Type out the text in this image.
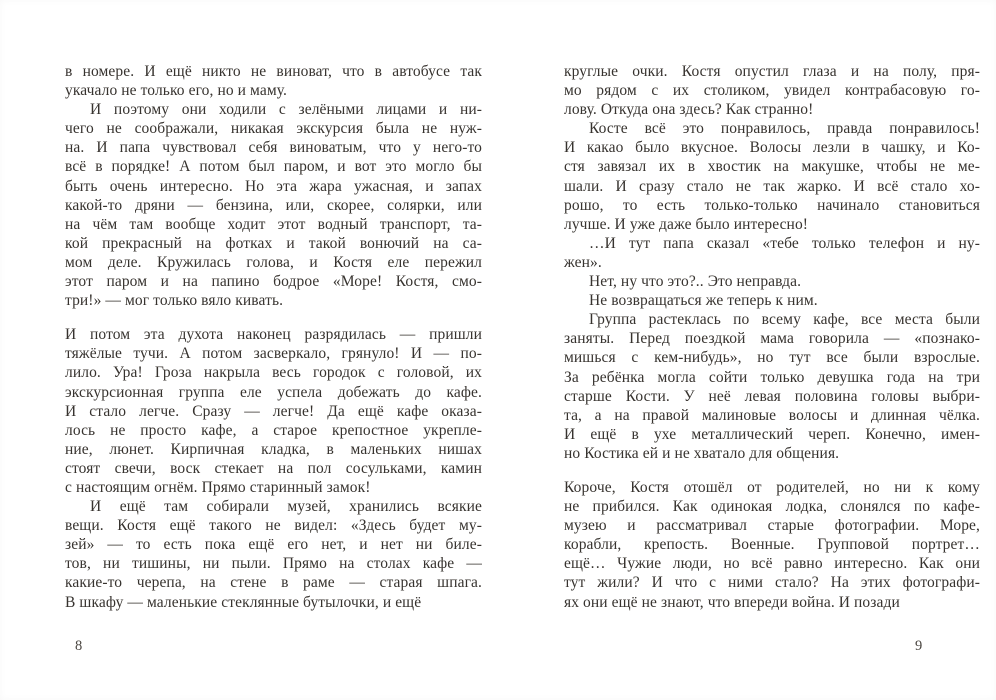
в номере. И ещё никто не виноват, что в автобусе так
укачало не только его, но и маму.
И поэтому они ходили с зелёными лицами и ни-
чего не соображали, никакая экскурсия была не нуж-
на. И папа чувствовал себя виноватым, что у него-то
всё в порядке! А потом был паром, и вот это могло бы
быть очень интересно. Но эта жара ужасная, и запах
какой-то дряни — бензина, или, скорее, солярки, или
на чём там вообще ходит этот водный транспорт, та-
кой прекрасный на фотках и такой вонючий на са-
мом деле. Кружилась голова, и Костя еле пережил
этот паром и на папино бодрое «Море! Костя, смо-
три!» — мог только вяло кивать.
И потом эта духота наконец разрядилась — пришли
тяжёлые тучи. А потом засверкало, грянуло! И — по-
лило. Ура! Гроза накрыла весь городок с головой, их
экскурсионная группа еле успела добежать до кафе.
И стало легче. Сразу — легче! Да ещё кафе оказа-
лось не просто кафе, а старое крепостное укрепле-
ние, люнет. Кирпичная кладка, в маленьких нишах
стоят свечи, воск стекает на пол сосульками, камин
с настоящим огнём. Прямо старинный замок!
И ещё там собирали музей, хранились всякие
вещи. Костя ещё такого не видел: «Здесь будет му-
зей» — то есть пока ещё его нет, и нет ни биле-
тов, ни тишины, ни пыли. Прямо на столах кафе —
какие-то черепа, на стене в раме — старая шпага.
В шкафу — маленькие стеклянные бутылочки, и ещё
круглые очки. Костя опустил глаза и на полу, пря-
мо рядом с их столиком, увидел контрабасовую го-
лову. Откуда она здесь? Как странно!
Косте всё это понравилось, правда понравилось!
И какао было вкусное. Волосы лезли в чашку, и Ко-
стя завязал их в хвостик на макушке, чтобы не ме-
шали. И сразу стало не так жарко. И всё стало хо-
рошо, то есть только-только начинало становиться
лучше. И уже даже было интересно!
…И тут папа сказал «тебе только телефон и ну-
жен».
Нет, ну что это?.. Это неправда.
Не возвращаться же теперь к ним.
Группа растеклась по всему кафе, все места были
заняты. Перед поездкой мама говорила — «познако-
мишься с кем-нибудь», но тут все были взрослые.
За ребёнка могла сойти только девушка года на три
старше Кости. У неё левая половина головы выбри-
та, а на правой малиновые волосы и длинная чёлка.
И ещё в ухе металлический череп. Конечно, имен-
но Костика ей и не хватало для общения.
Короче, Костя отошёл от родителей, но ни к кому
не прибился. Как одинокая лодка, слонялся по кафе-
музею и рассматривал старые фотографии. Море,
корабли, крепость. Военные. Групповой портрет…
ещё… Чужие люди, но всё равно интересно. Как они
тут жили? И что с ними стало? На этих фотографи-
ях они ещё не знают, что впереди война. И позади
8	9
